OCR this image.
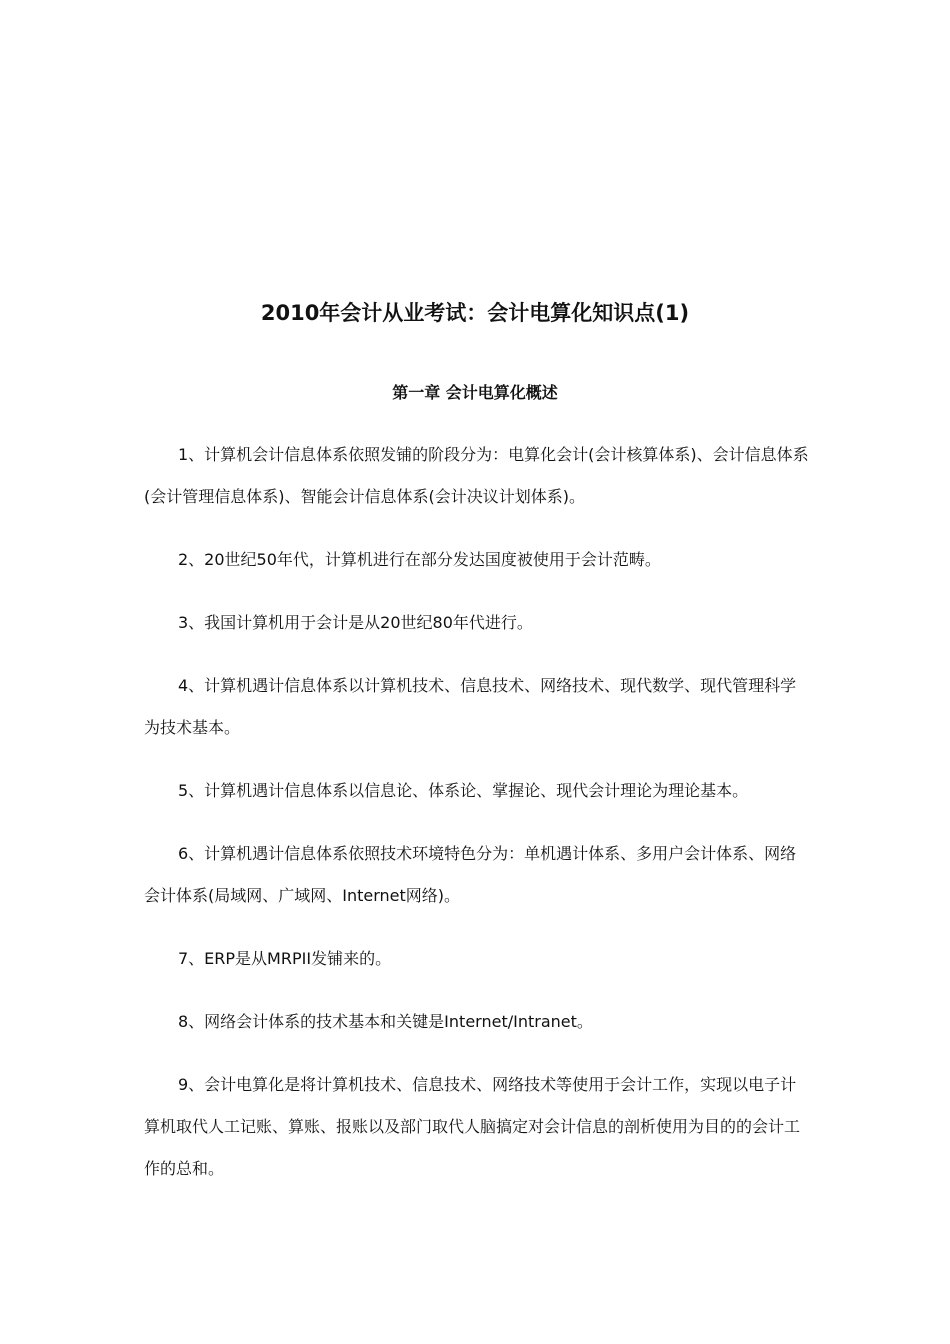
2010年会计从业考试：会计电算化知识点(1)
第一章 会计电算化概述

1、计算机会计信息体系依照发铺的阶段分为：电算化会计(会计核算体系)、会计信息体系(会计管理信息体系)、智能会计信息体系(会计决议计划体系)。

2、20世纪50年代，计算机进行在部分发达国度被使用于会计范畴。

3、我国计算机用于会计是从20世纪80年代进行。

4、计算机遇计信息体系以计算机技术、信息技术、网络技术、现代数学、现代管理科学为技术基本。

5、计算机遇计信息体系以信息论、体系论、掌握论、现代会计理论为理论基本。

6、计算机遇计信息体系依照技术环境特色分为：单机遇计体系、多用户会计体系、网络会计体系(局域网、广域网、Internet网络)。

7、ERP是从MRPII发铺来的。

8、网络会计体系的技术基本和关键是Internet/Intranet。

9、会计电算化是将计算机技术、信息技术、网络技术等使用于会计工作，实现以电子计算机取代人工记账、算账、报账以及部门取代人脑搞定对会计信息的剖析使用为目的的会计工作的总和。
